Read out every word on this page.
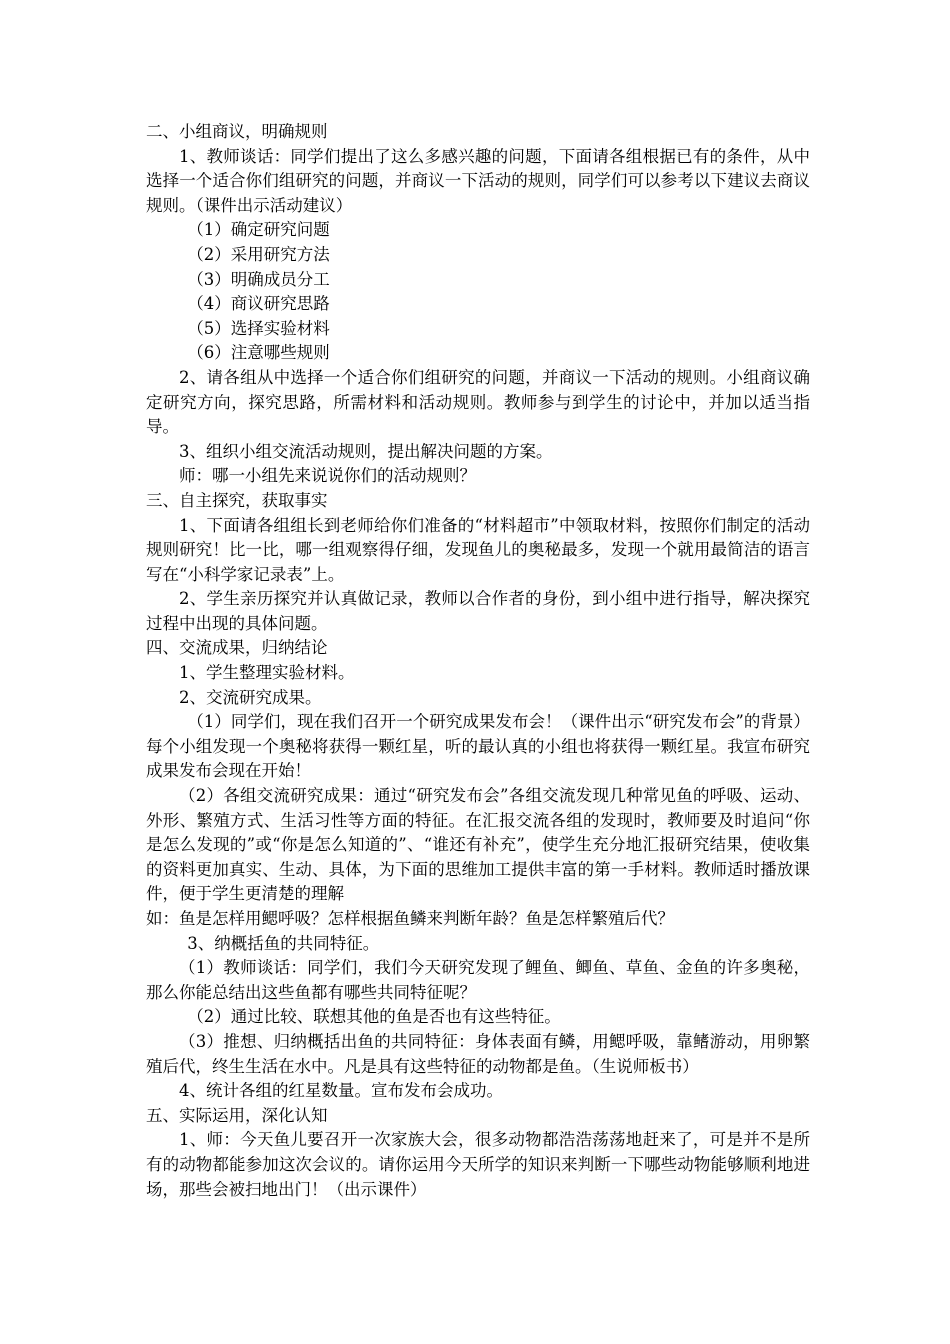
二、小组商议，明确规则

1、教师谈话：同学们提出了这么多感兴趣的问题，下面请各组根据已有的条件，从中选择一个适合你们组研究的问题，并商议一下活动的规则，同学们可以参考以下建议去商议规则。（课件出示活动建议）

（1）确定研究问题

（2）采用研究方法

（3）明确成员分工

（4）商议研究思路

（5）选择实验材料

（6）注意哪些规则

2、请各组从中选择一个适合你们组研究的问题，并商议一下活动的规则。小组商议确定研究方向，探究思路，所需材料和活动规则。教师参与到学生的讨论中，并加以适当指导。

3、组织小组交流活动规则，提出解决问题的方案。

师：哪一小组先来说说你们的活动规则？

三、自主探究，获取事实

1、下面请各组组长到老师给你们准备的“材料超市”中领取材料，按照你们制定的活动规则研究！比一比，哪一组观察得仔细，发现鱼儿的奥秘最多，发现一个就用最简洁的语言写在“小科学家记录表”上。

2、学生亲历探究并认真做记录，教师以合作者的身份，到小组中进行指导，解决探究过程中出现的具体问题。

四、交流成果，归纳结论

1、学生整理实验材料。

2、交流研究成果。

（1）同学们，现在我们召开一个研究成果发布会！（课件出示“研究发布会”的背景）每个小组发现一个奥秘将获得一颗红星，听的最认真的小组也将获得一颗红星。我宣布研究成果发布会现在开始！

（2）各组交流研究成果：通过“研究发布会”各组交流发现几种常见鱼的呼吸、运动、外形、繁殖方式、生活习性等方面的特征。在汇报交流各组的发现时，教师要及时追问“你是怎么发现的”或“你是怎么知道的”、“谁还有补充”，使学生充分地汇报研究结果，使收集的资料更加真实、生动、具体，为下面的思维加工提供丰富的第一手材料。教师适时播放课件，便于学生更清楚的理解

如：鱼是怎样用鳃呼吸？怎样根据鱼鳞来判断年龄？鱼是怎样繁殖后代？

3、纳概括鱼的共同特征。

（1）教师谈话：同学们，我们今天研究发现了鲤鱼、鲫鱼、草鱼、金鱼的许多奥秘，那么你能总结出这些鱼都有哪些共同特征呢？

（2）通过比较、联想其他的鱼是否也有这些特征。

（3）推想、归纳概括出鱼的共同特征：身体表面有鳞，用鳃呼吸，靠鳍游动，用卵繁殖后代，终生生活在水中。凡是具有这些特征的动物都是鱼。（生说师板书）

4、统计各组的红星数量。宣布发布会成功。

五、实际运用，深化认知

1、师：今天鱼儿要召开一次家族大会，很多动物都浩浩荡荡地赶来了，可是并不是所有的动物都能参加这次会议的。请你运用今天所学的知识来判断一下哪些动物能够顺利地进场，那些会被扫地出门！（出示课件）
